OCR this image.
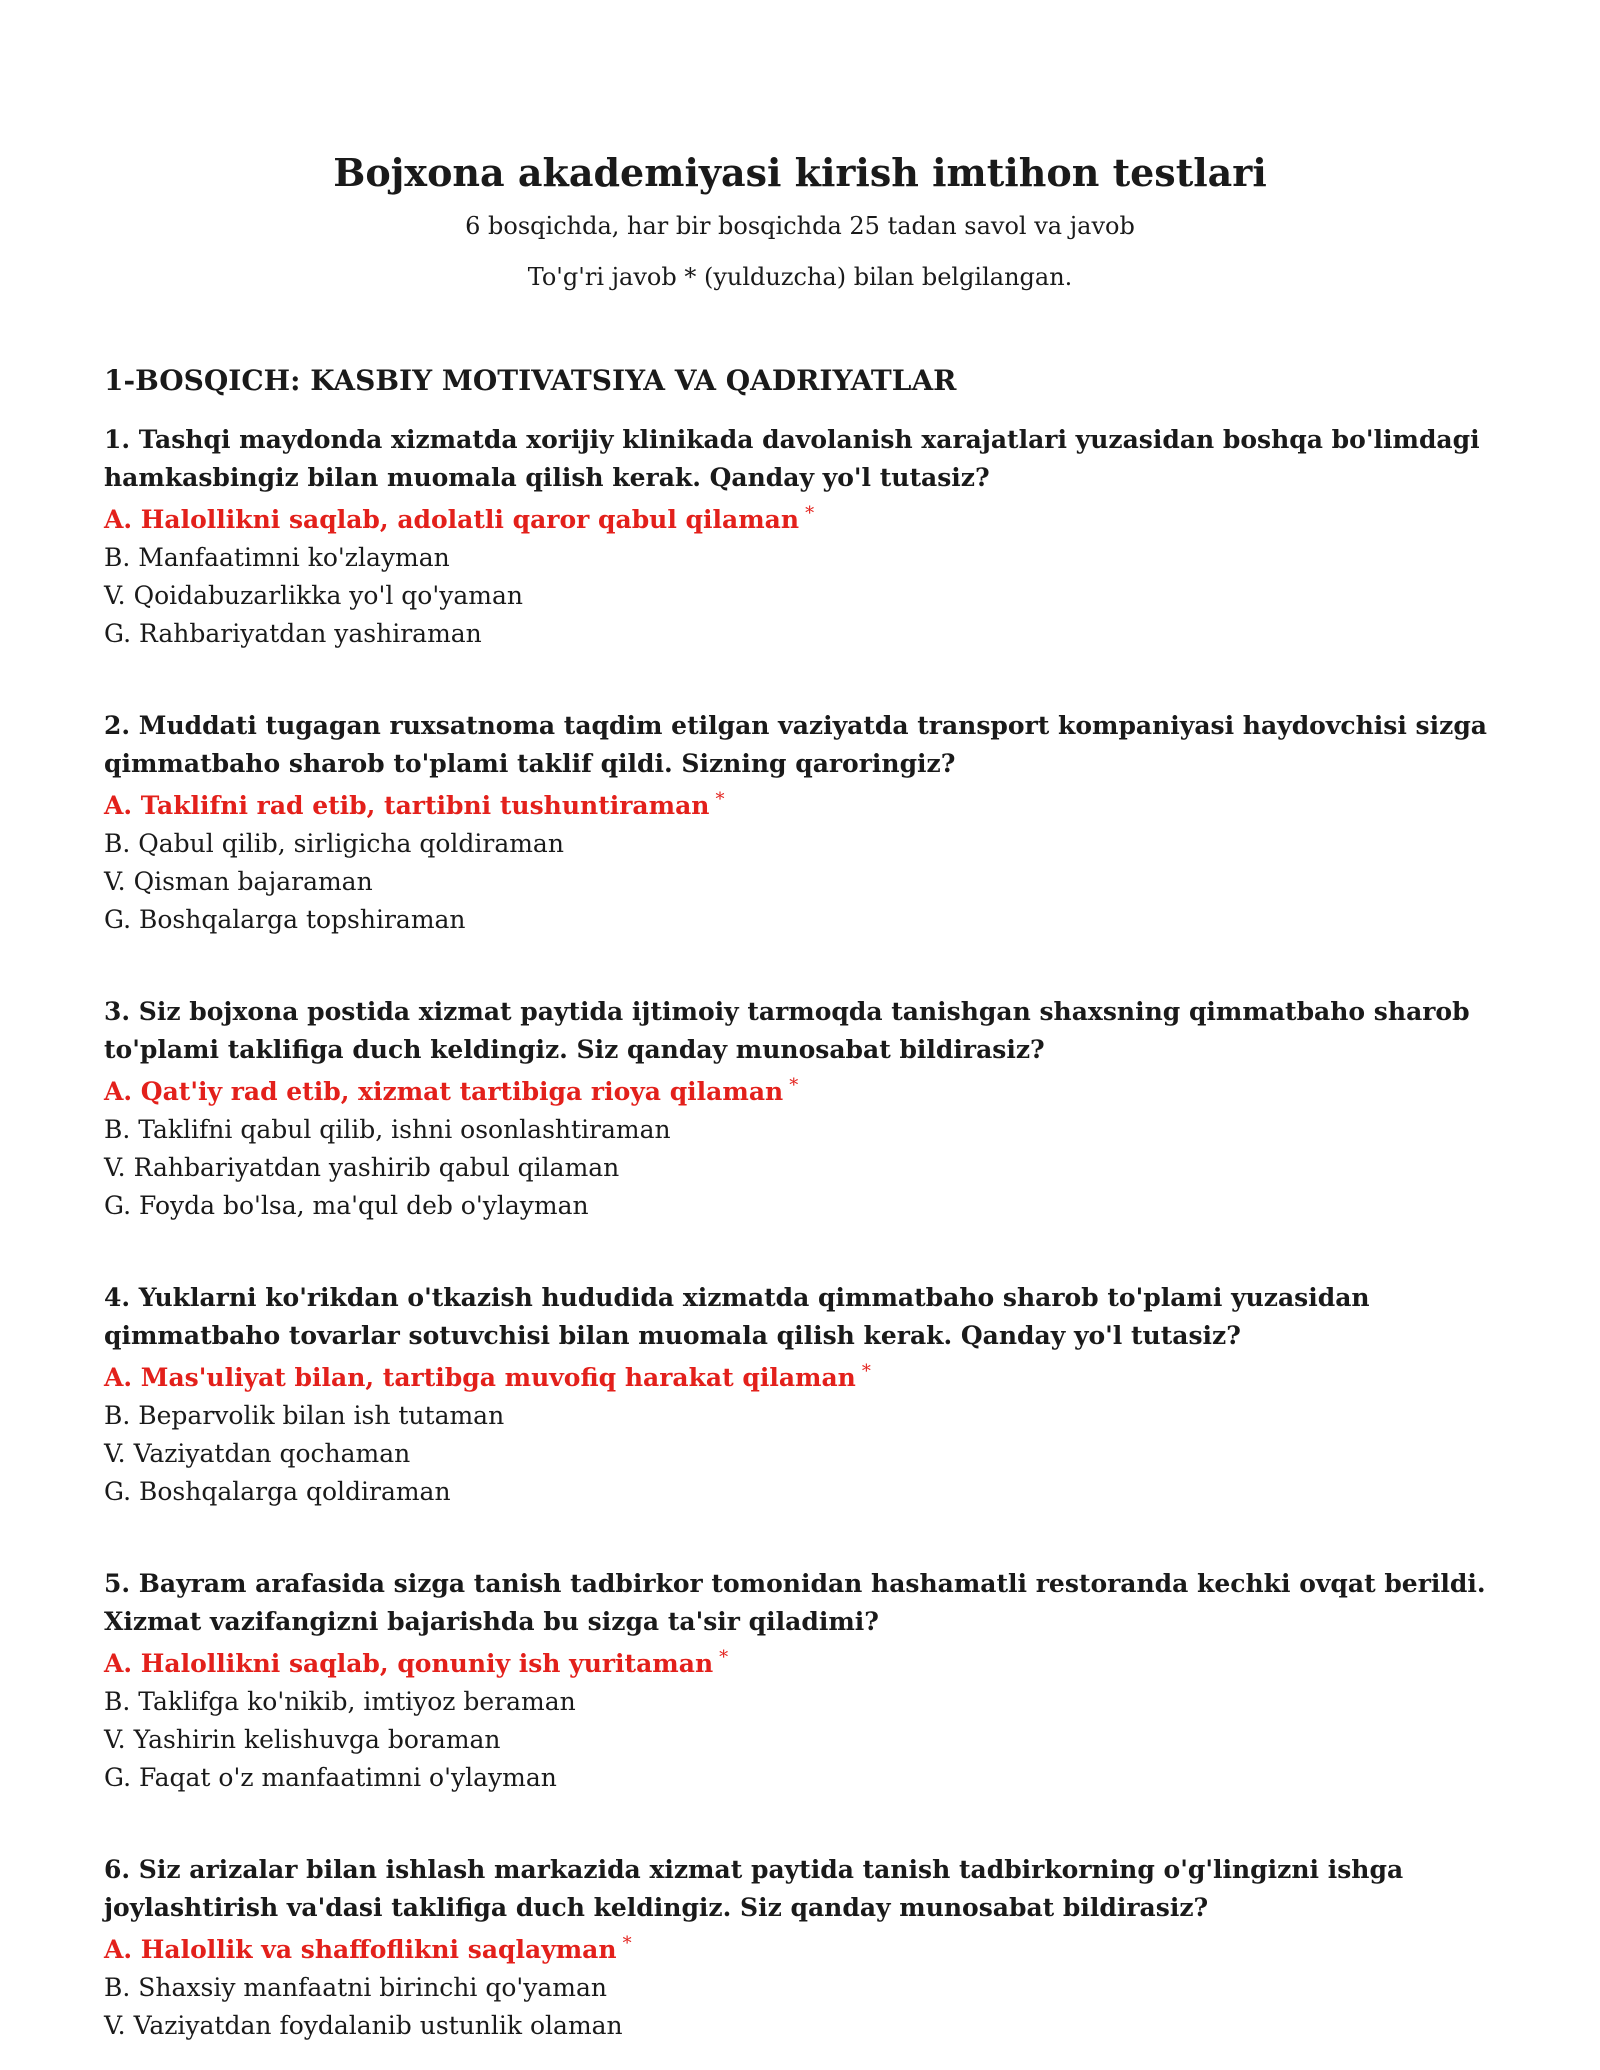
Bojxona akademiyasi kirish imtihon testlari

6 bosqichda, har bir bosqichda 25 tadan savol va javob

To'g'ri javob * (yulduzcha) bilan belgilangan.

1-BOSQICH: KASBIY MOTIVATSIYA VA QADRIYATLAR

1. Tashqi maydonda xizmatda xorijiy klinikada davolanish xarajatlari yuzasidan boshqa bo'limdagi hamkasbingiz bilan muomala qilish kerak. Qanday yo'l tutasiz?

A. Halollikni saqlab, adolatli qaror qabul qilaman *

B. Manfaatimni ko'zlayman

V. Qoidabuzarlikka yo'l qo'yaman

G. Rahbariyatdan yashiraman

2. Muddati tugagan ruxsatnoma taqdim etilgan vaziyatda transport kompaniyasi haydovchisi sizga qimmatbaho sharob to'plami taklif qildi. Sizning qaroringiz?

A. Taklifni rad etib, tartibni tushuntiraman *

B. Qabul qilib, sirligicha qoldiraman

V. Qisman bajaraman

G. Boshqalarga topshiraman

3. Siz bojxona postida xizmat paytida ijtimoiy tarmoqda tanishgan shaxsning qimmatbaho sharob to'plami taklifiga duch keldingiz. Siz qanday munosabat bildirasiz?

A. Qat'iy rad etib, xizmat tartibiga rioya qilaman *

B. Taklifni qabul qilib, ishni osonlashtiraman

V. Rahbariyatdan yashirib qabul qilaman

G. Foyda bo'lsa, ma'qul deb o'ylayman

4. Yuklarni ko'rikdan o'tkazish hududida xizmatda qimmatbaho sharob to'plami yuzasidan qimmatbaho tovarlar sotuvchisi bilan muomala qilish kerak. Qanday yo'l tutasiz?

A. Mas'uliyat bilan, tartibga muvofiq harakat qilaman *

B. Beparvolik bilan ish tutaman

V. Vaziyatdan qochaman

G. Boshqalarga qoldiraman

5. Bayram arafasida sizga tanish tadbirkor tomonidan hashamatli restoranda kechki ovqat berildi. Xizmat vazifangizni bajarishda bu sizga ta'sir qiladimi?

A. Halollikni saqlab, qonuniy ish yuritaman *

B. Taklifga ko'nikib, imtiyoz beraman

V. Yashirin kelishuvga boraman

G. Faqat o'z manfaatimni o'ylayman

6. Siz arizalar bilan ishlash markazida xizmat paytida tanish tadbirkorning o'g'lingizni ishga joylashtirish va'dasi taklifiga duch keldingiz. Siz qanday munosabat bildirasiz?

A. Halollik va shaffoflikni saqlayman *

B. Shaxsiy manfaatni birinchi qo'yaman

V. Vaziyatdan foydalanib ustunlik olaman
